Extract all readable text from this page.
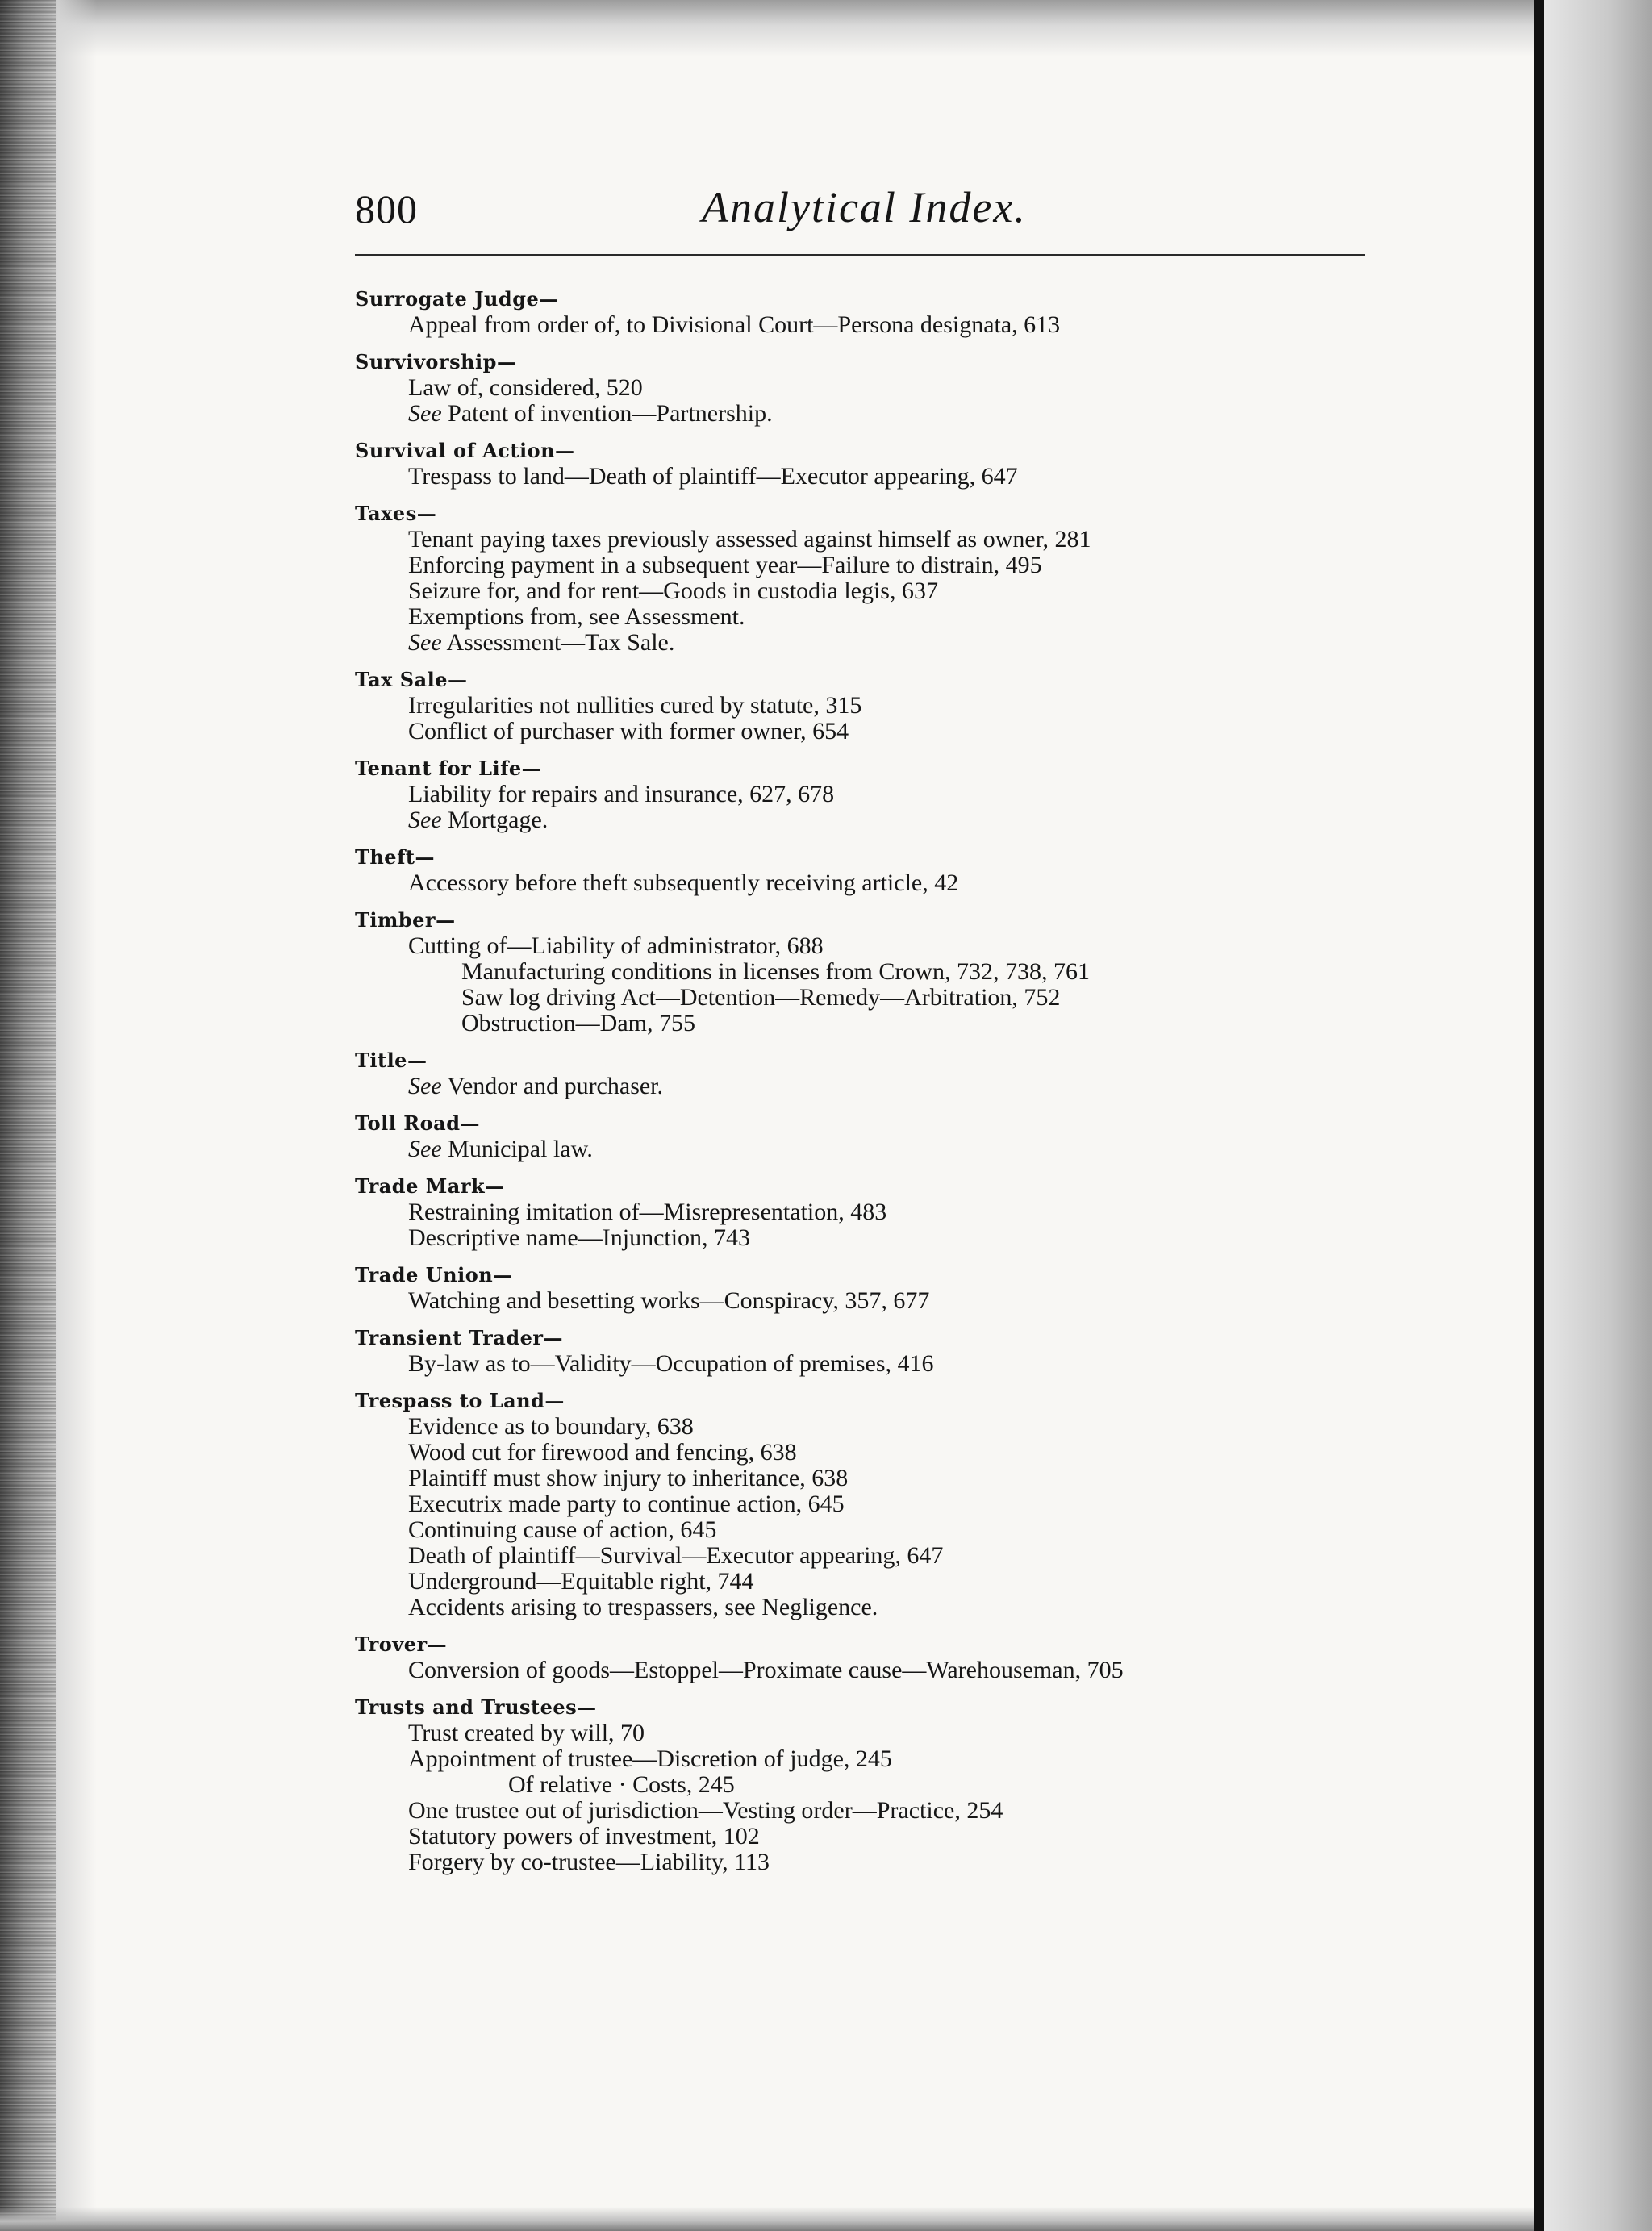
800	Analytical Index.
Surrogate Judge—
Appeal from order of, to Divisional Court—Persona designata, 613
Survivorship—
Law of, considered, 520
See Patent of invention—Partnership.
Survival of Action—
Trespass to land—Death of plaintiff—Executor appearing, 647
Taxes—
Tenant paying taxes previously assessed against himself as owner, 281
Enforcing payment in a subsequent year—Failure to distrain, 495
Seizure for, and for rent—Goods in custodia legis, 637
Exemptions from, see Assessment.
See Assessment—Tax Sale.
Tax Sale—
Irregularities not nullities cured by statute, 315
Conflict of purchaser with former owner, 654
Tenant for Life—
Liability for repairs and insurance, 627, 678
See Mortgage.
Theft—
Accessory before theft subsequently receiving article, 42
Timber—
Cutting of—Liability of administrator, 688
Manufacturing conditions in licenses from Crown, 732, 738, 761
Saw log driving Act—Detention—Remedy—Arbitration, 752
Obstruction—Dam, 755
Title—
See Vendor and purchaser.
Toll Road—
See Municipal law.
Trade Mark—
Restraining imitation of—Misrepresentation, 483
Descriptive name—Injunction, 743
Trade Union—
Watching and besetting works—Conspiracy, 357, 677
Transient Trader—
By-law as to—Validity—Occupation of premises, 416
Trespass to Land—
Evidence as to boundary, 638
Wood cut for firewood and fencing, 638
Plaintiff must show injury to inheritance, 638
Executrix made party to continue action, 645
Continuing cause of action, 645
Death of plaintiff—Survival—Executor appearing, 647
Underground—Equitable right, 744
Accidents arising to trespassers, see Negligence.
Trover—
Conversion of goods—Estoppel—Proximate cause—Warehouseman, 705
Trusts and Trustees—
Trust created by will, 70
Appointment of trustee—Discretion of judge, 245
Of relative · Costs, 245
One trustee out of jurisdiction—Vesting order—Practice, 254
Statutory powers of investment, 102
Forgery by co-trustee—Liability, 113
